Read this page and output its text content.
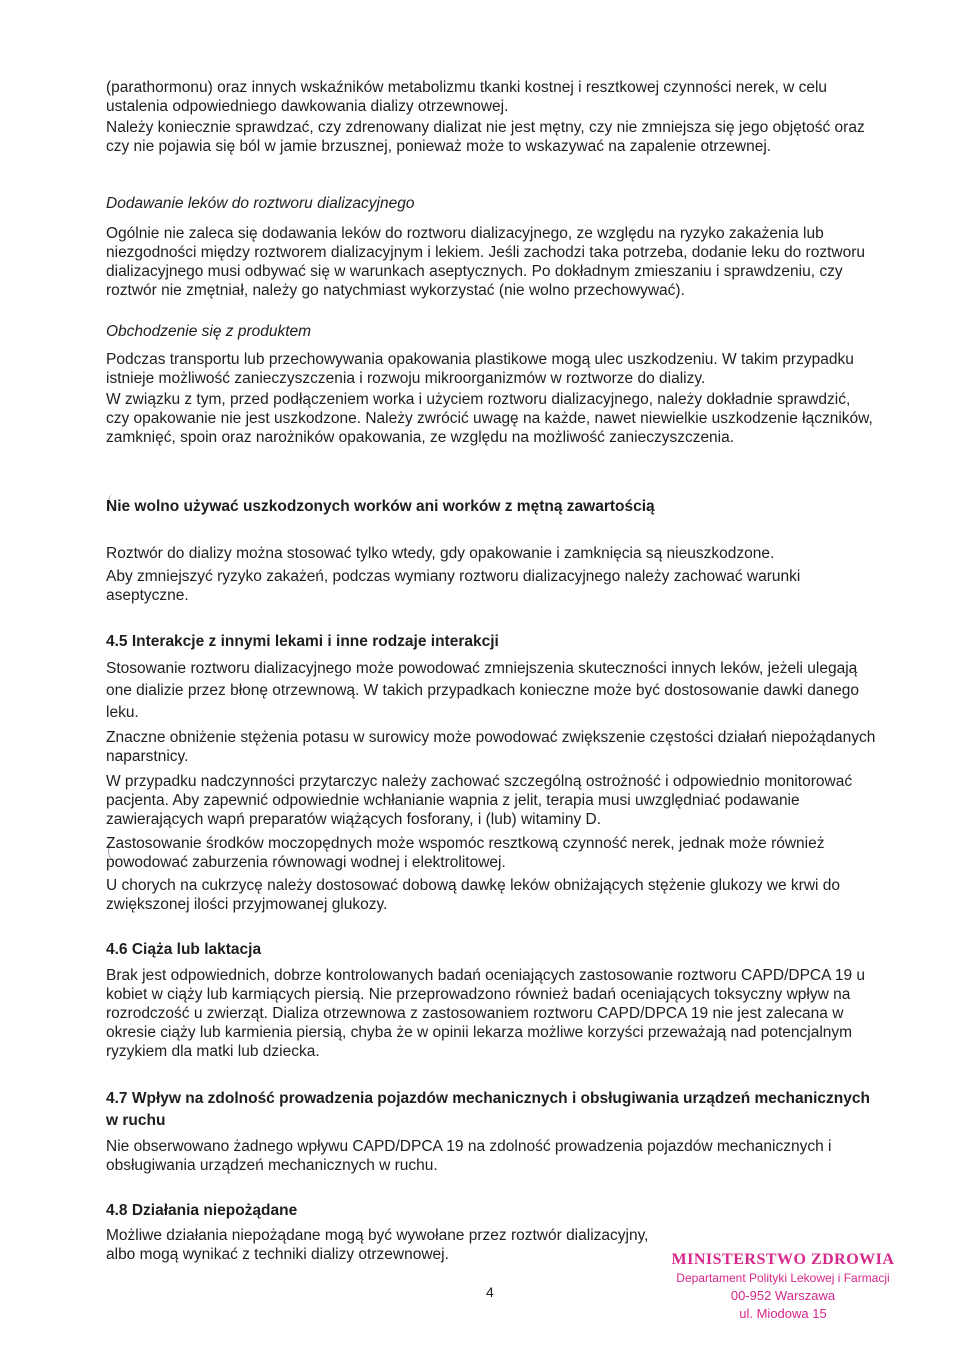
(parathormonu) oraz innych wskaźników metabolizmu tkanki kostnej i resztkowej czynności nerek, w celu ustalenia odpowiedniego dawkowania dializy otrzewnowej.

Należy koniecznie sprawdzać, czy zdrenowany dializat nie jest mętny, czy nie zmniejsza się jego objętość oraz czy nie pojawia się ból w jamie brzusznej, ponieważ może to wskazywać na zapalenie otrzewnej.

Dodawanie leków do roztworu dializacyjnego

Ogólnie nie zaleca się dodawania leków do roztworu dializacyjnego, ze względu na ryzyko zakażenia lub niezgodności między roztworem dializacyjnym i lekiem. Jeśli zachodzi taka potrzeba, dodanie leku do roztworu dializacyjnego musi odbywać się w warunkach aseptycznych. Po dokładnym zmieszaniu i sprawdzeniu, czy roztwór nie zmętniał, należy go natychmiast wykorzystać (nie wolno przechowywać).

Obchodzenie się z produktem

Podczas transportu lub przechowywania opakowania plastikowe mogą ulec uszkodzeniu. W takim przypadku istnieje możliwość zanieczyszczenia i rozwoju mikroorganizmów w roztworze do dializy.

W związku z tym, przed podłączeniem worka i użyciem roztworu dializacyjnego, należy dokładnie sprawdzić, czy opakowanie nie jest uszkodzone. Należy zwrócić uwagę na każde, nawet niewielkie uszkodzenie łączników, zamknięć, spoin oraz narożników opakowania, ze względu na możliwość zanieczyszczenia.

Nie wolno używać uszkodzonych worków ani worków z mętną zawartością

Roztwór do dializy można stosować tylko wtedy, gdy opakowanie i zamknięcia są nieuszkodzone.

Aby zmniejszyć ryzyko zakażeń, podczas wymiany roztworu dializacyjnego należy zachować warunki aseptyczne.

4.5 Interakcje z innymi lekami i inne rodzaje interakcji

Stosowanie roztworu dializacyjnego może powodować zmniejszenia skuteczności innych leków, jeżeli ulegają one dializie przez błonę otrzewnową. W takich przypadkach konieczne może być dostosowanie dawki danego leku.

Znaczne obniżenie stężenia potasu w surowicy może powodować zwiększenie częstości działań niepożądanych naparstnicy.

W przypadku nadczynności przytarczyc należy zachować szczególną ostrożność i odpowiednio monitorować pacjenta. Aby zapewnić odpowiednie wchłanianie wapnia z jelit, terapia musi uwzględniać podawanie zawierających wapń preparatów wiążących fosforany, i (lub) witaminy D.

Zastosowanie środków moczopędnych może wspomóc resztkową czynność nerek, jednak może również powodować zaburzenia równowagi wodnej i elektrolitowej.

U chorych na cukrzycę należy dostosować dobową dawkę leków obniżających stężenie glukozy we krwi do zwiększonej ilości przyjmowanej glukozy.

4.6 Ciąża lub laktacja

Brak jest odpowiednich, dobrze kontrolowanych badań oceniających zastosowanie roztworu CAPD/DPCA 19 u kobiet w ciąży lub karmiących piersią. Nie przeprowadzono również badań oceniających toksyczny wpływ na rozrodczość u zwierząt. Dializa otrzewnowa z zastosowaniem roztworu CAPD/DPCA 19 nie jest zalecana w okresie ciąży lub karmienia piersią, chyba że w opinii lekarza możliwe korzyści przeważają nad potencjalnym ryzykiem dla matki lub dziecka.

4.7 Wpływ na zdolność prowadzenia pojazdów mechanicznych i obsługiwania urządzeń mechanicznych w ruchu

Nie obserwowano żadnego wpływu CAPD/DPCA 19 na zdolność prowadzenia pojazdów mechanicznych i obsługiwania urządzeń mechanicznych w ruchu.

4.8 Działania niepożądane

Możliwe działania niepożądane mogą być wywołane przez roztwór dializacyjny, albo mogą wynikać z techniki dializy otrzewnowej.

4
MINISTERSTWO ZDROWIA
Departament Polityki Lekowej i Farmacji
00-952 Warszawa
ul. Miodowa 15
